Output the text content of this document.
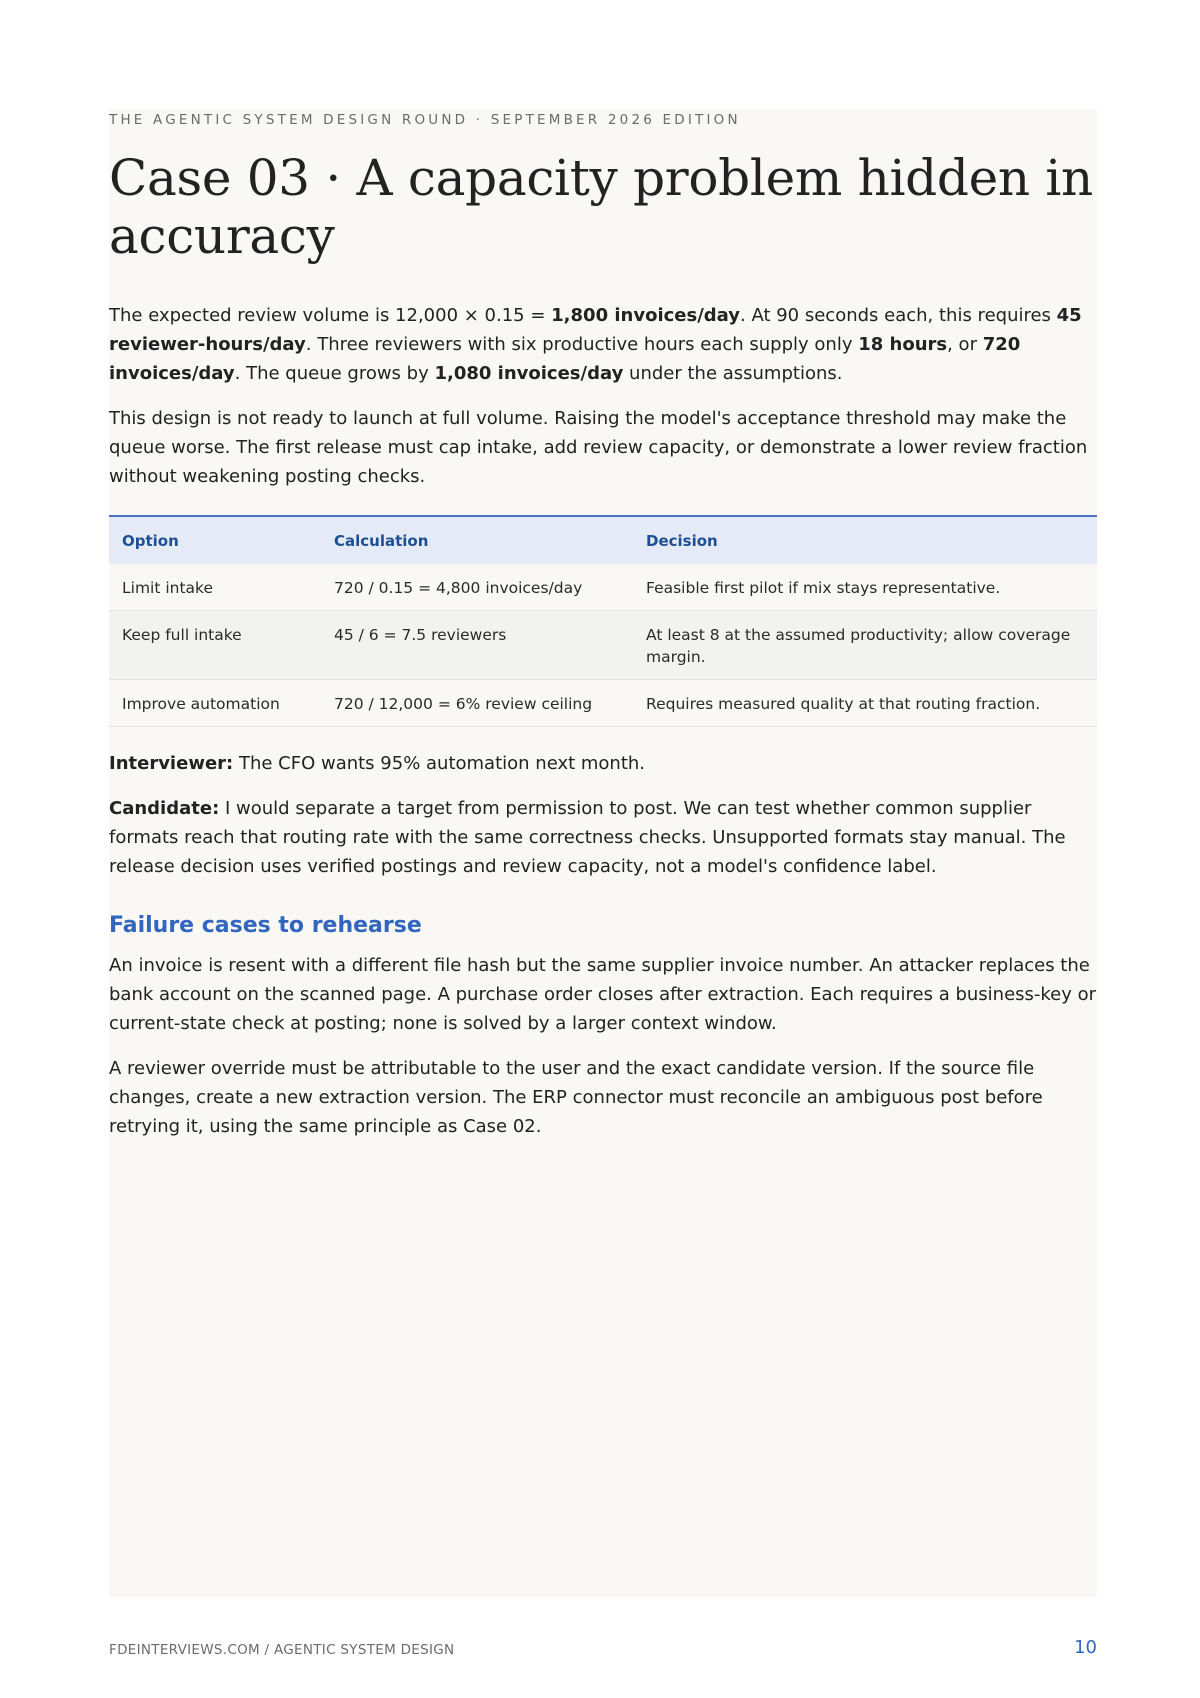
THE AGENTIC SYSTEM DESIGN ROUND · SEPTEMBER 2026 EDITION
Case 03 · A capacity problem hidden in accuracy

The expected review volume is 12,000 × 0.15 = 1,800 invoices/day. At 90 seconds each, this requires 45 reviewer-hours/day. Three reviewers with six productive hours each supply only 18 hours, or 720 invoices/day. The queue grows by 1,080 invoices/day under the assumptions.

This design is not ready to launch at full volume. Raising the model's acceptance threshold may make the queue worse. The first release must cap intake, add review capacity, or demonstrate a lower review fraction without weakening posting checks.

Option	Calculation	Decision
Limit intake	720 / 0.15 = 4,800 invoices/day	Feasible first pilot if mix stays representative.
Keep full intake	45 / 6 = 7.5 reviewers	At least 8 at the assumed productivity; allow coverage margin.
Improve automation	720 / 12,000 = 6% review ceiling	Requires measured quality at that routing fraction.

Interviewer: The CFO wants 95% automation next month.

Candidate: I would separate a target from permission to post. We can test whether common supplier formats reach that routing rate with the same correctness checks. Unsupported formats stay manual. The release decision uses verified postings and review capacity, not a model's confidence label.

Failure cases to rehearse

An invoice is resent with a different file hash but the same supplier invoice number. An attacker replaces the bank account on the scanned page. A purchase order closes after extraction. Each requires a business-key or current-state check at posting; none is solved by a larger context window.

A reviewer override must be attributable to the user and the exact candidate version. If the source file changes, create a new extraction version. The ERP connector must reconcile an ambiguous post before retrying it, using the same principle as Case 02.

FDEINTERVIEWS.COM / AGENTIC SYSTEM DESIGN	10
